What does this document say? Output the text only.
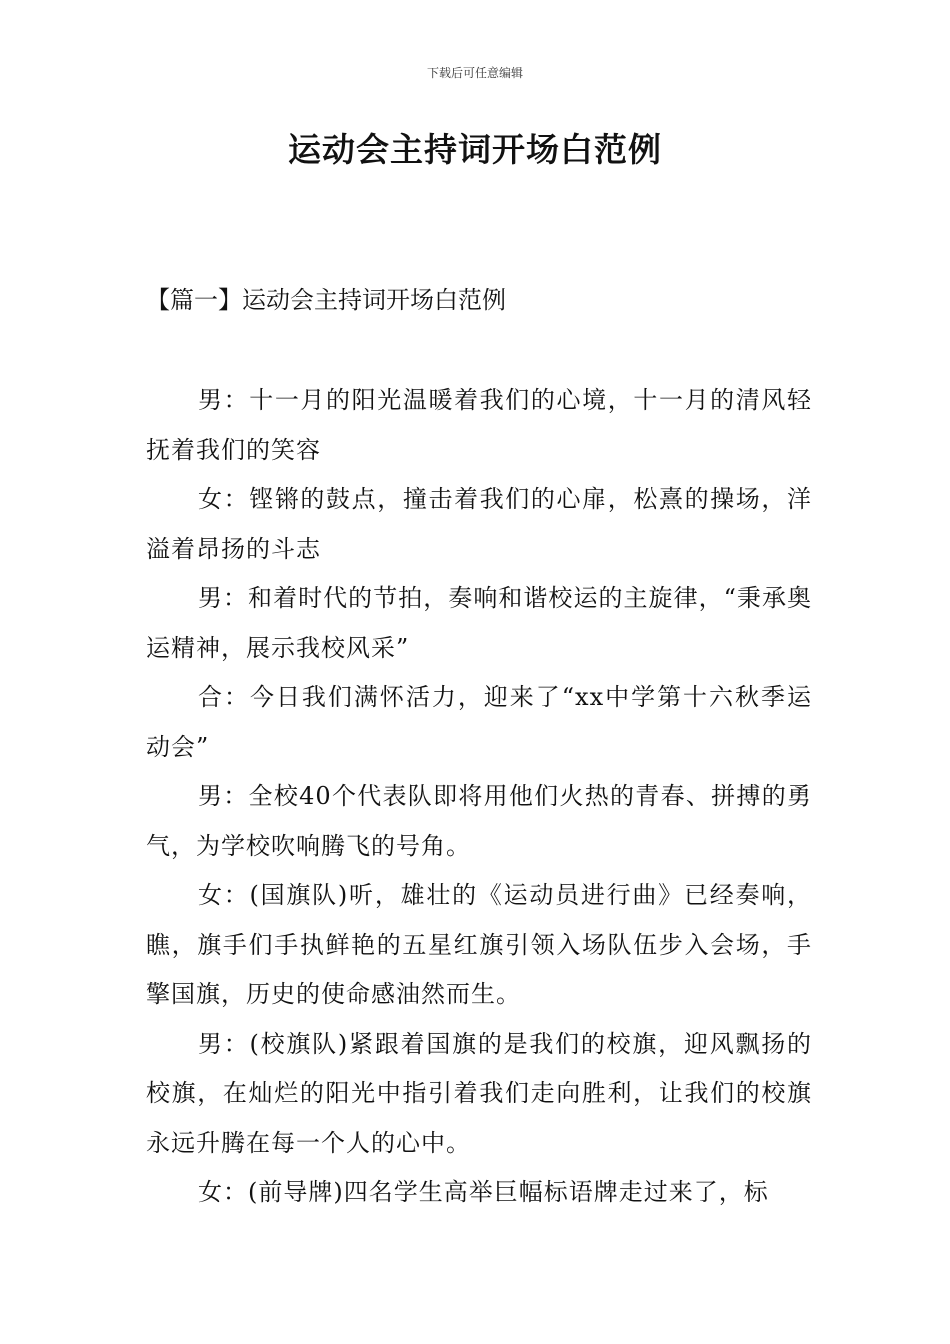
下载后可任意编辑
运动会主持词开场白范例
【篇一】运动会主持词开场白范例

男：十一月的阳光温暖着我们的心境，十一月的清风轻抚着我们的笑容

女：铿锵的鼓点，撞击着我们的心扉，松熹的操场，洋溢着昂扬的斗志

男：和着时代的节拍，奏响和谐校运的主旋律，“秉承奥运精神，展示我校风采”

合：今日我们满怀活力，迎来了“xx中学第十六秋季运动会”

男：全校40个代表队即将用他们火热的青春、拼搏的勇气，为学校吹响腾飞的号角。

女：(国旗队)听，雄壮的《运动员进行曲》已经奏响，瞧，旗手们手执鲜艳的五星红旗引领入场队伍步入会场，手擎国旗，历史的使命感油然而生。

男：(校旗队)紧跟着国旗的是我们的校旗，迎风飘扬的校旗，在灿烂的阳光中指引着我们走向胜利，让我们的校旗永远升腾在每一个人的心中。

女：(前导牌)四名学生高举巨幅标语牌走过来了，标
